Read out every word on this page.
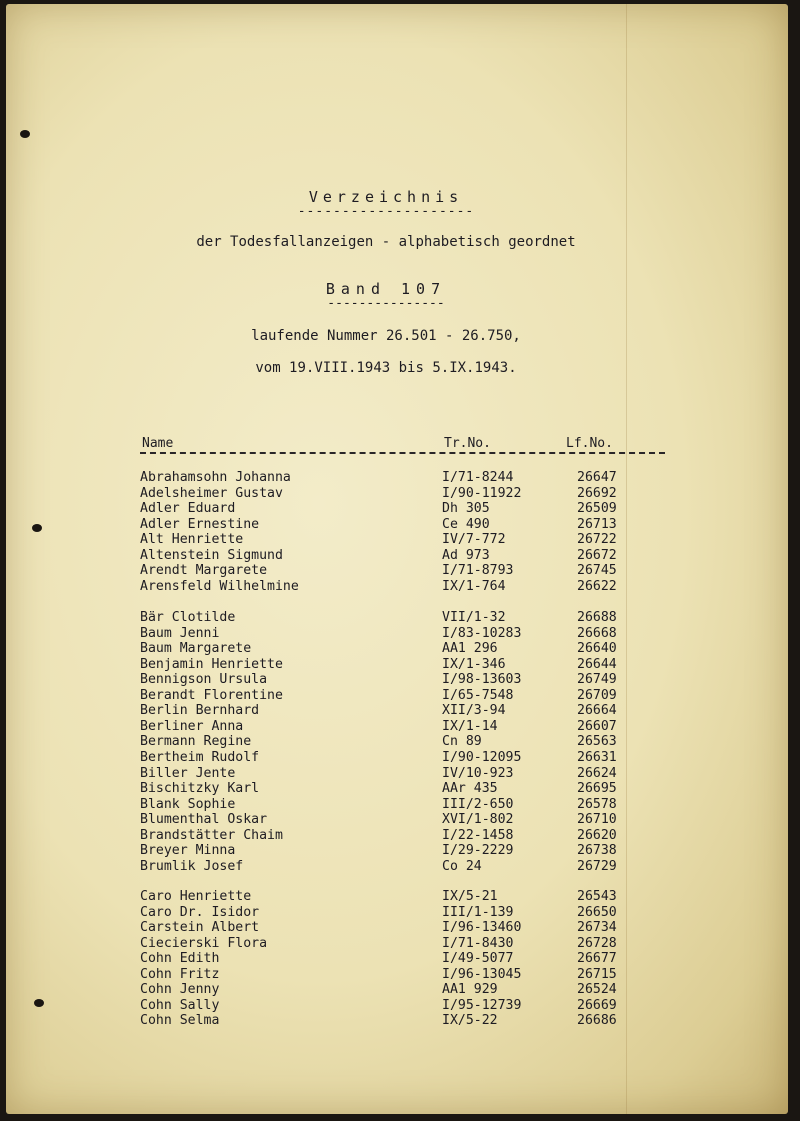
Verzeichnis
--------------------
der Todesfallanzeigen - alphabetisch geordnet
Band 107
---------------
laufende Nummer 26.501 - 26.750,
vom 19.VIII.1943 bis 5.IX.1943.
Name	Tr.No.	Lf.No.
Abrahamsohn Johanna	I/71-8244	26647
Adelsheimer Gustav	I/90-11922	26692
Adler Eduard	Dh 305	26509
Adler Ernestine	Ce 490	26713
Alt Henriette	IV/7-772	26722
Altenstein Sigmund	Ad 973	26672
Arendt Margarete	I/71-8793	26745
Arensfeld Wilhelmine	IX/1-764	26622
Bär Clotilde	VII/1-32	26688
Baum Jenni	I/83-10283	26668
Baum Margarete	AA1 296	26640
Benjamin Henriette	IX/1-346	26644
Bennigson Ursula	I/98-13603	26749
Berandt Florentine	I/65-7548	26709
Berlin Bernhard	XII/3-94	26664
Berliner Anna	IX/1-14	26607
Bermann Regine	Cn 89	26563
Bertheim Rudolf	I/90-12095	26631
Biller Jente	IV/10-923	26624
Bischitzky Karl	AAr 435	26695
Blank Sophie	III/2-650	26578
Blumenthal Oskar	XVI/1-802	26710
Brandstätter Chaim	I/22-1458	26620
Breyer Minna	I/29-2229	26738
Brumlik Josef	Co 24	26729
Caro Henriette	IX/5-21	26543
Caro Dr. Isidor	III/1-139	26650
Carstein Albert	I/96-13460	26734
Ciecierski Flora	I/71-8430	26728
Cohn Edith	I/49-5077	26677
Cohn Fritz	I/96-13045	26715
Cohn Jenny	AA1 929	26524
Cohn Sally	I/95-12739	26669
Cohn Selma	IX/5-22	26686
